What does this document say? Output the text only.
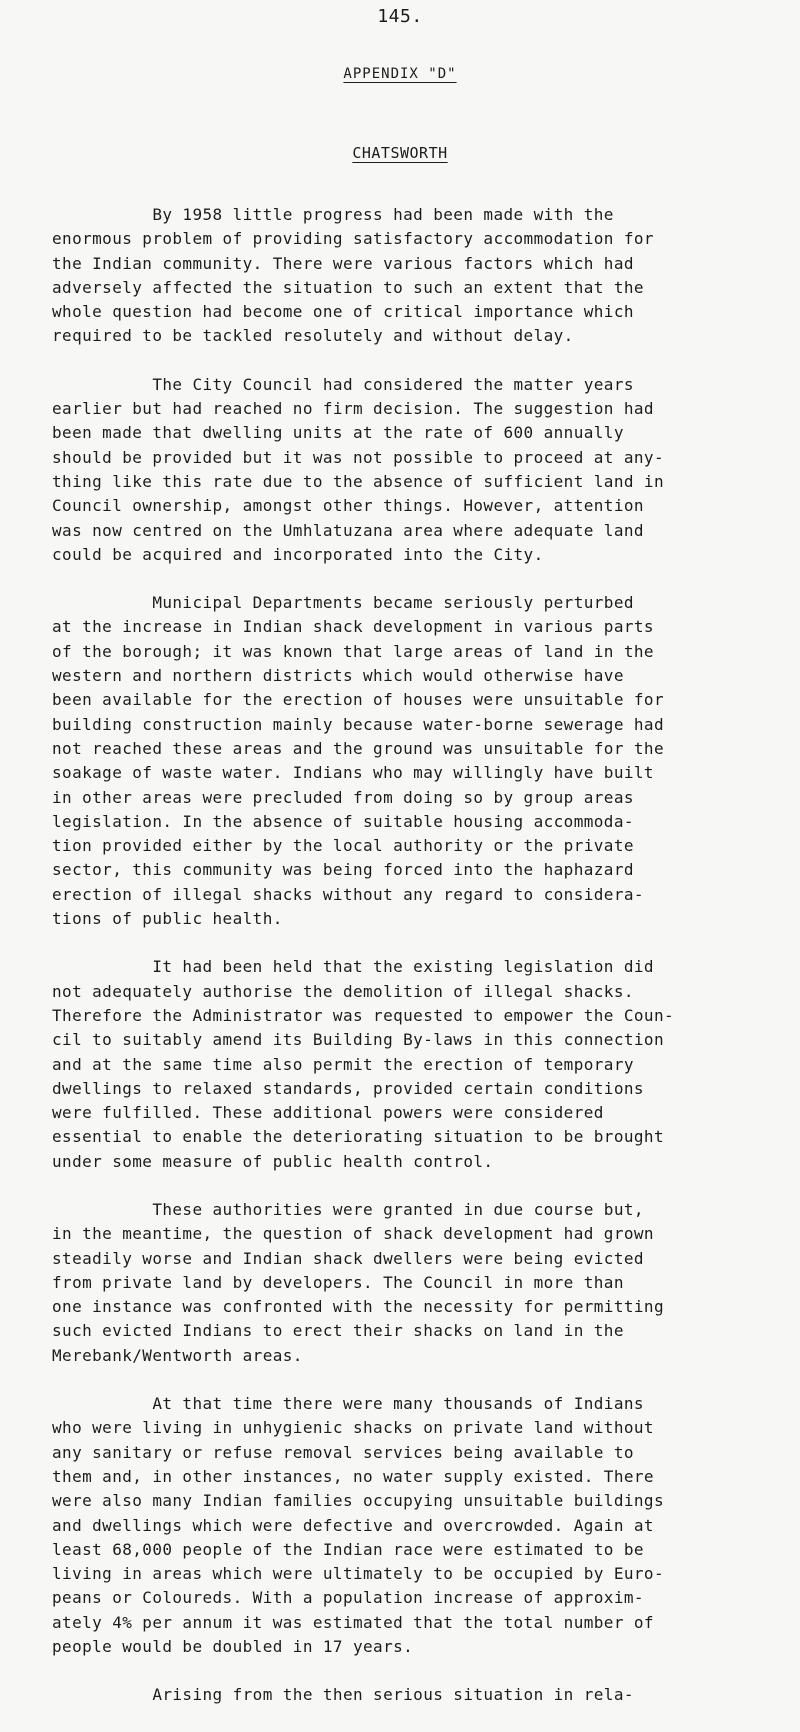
145.
APPENDIX "D"
CHATSWORTH
By 1958 little progress had been made with the
enormous problem of providing satisfactory accommodation for
the Indian community. There were various factors which had
adversely affected the situation to such an extent that the
whole question had become one of critical importance which
required to be tackled resolutely and without delay.
The City Council had considered the matter years
earlier but had reached no firm decision. The suggestion had
been made that dwelling units at the rate of 600 annually
should be provided but it was not possible to proceed at any-
thing like this rate due to the absence of sufficient land in
Council ownership, amongst other things. However, attention
was now centred on the Umhlatuzana area where adequate land
could be acquired and incorporated into the City.
Municipal Departments became seriously perturbed
at the increase in Indian shack development in various parts
of the borough; it was known that large areas of land in the
western and northern districts which would otherwise have
been available for the erection of houses were unsuitable for
building construction mainly because water-borne sewerage had
not reached these areas and the ground was unsuitable for the
soakage of waste water. Indians who may willingly have built
in other areas were precluded from doing so by group areas
legislation. In the absence of suitable housing accommoda-
tion provided either by the local authority or the private
sector, this community was being forced into the haphazard
erection of illegal shacks without any regard to considera-
tions of public health.
It had been held that the existing legislation did
not adequately authorise the demolition of illegal shacks.
Therefore the Administrator was requested to empower the Coun-
cil to suitably amend its Building By-laws in this connection
and at the same time also permit the erection of temporary
dwellings to relaxed standards, provided certain conditions
were fulfilled. These additional powers were considered
essential to enable the deteriorating situation to be brought
under some measure of public health control.
These authorities were granted in due course but,
in the meantime, the question of shack development had grown
steadily worse and Indian shack dwellers were being evicted
from private land by developers. The Council in more than
one instance was confronted with the necessity for permitting
such evicted Indians to erect their shacks on land in the
Merebank/Wentworth areas.
At that time there were many thousands of Indians
who were living in unhygienic shacks on private land without
any sanitary or refuse removal services being available to
them and, in other instances, no water supply existed. There
were also many Indian families occupying unsuitable buildings
and dwellings which were defective and overcrowded. Again at
least 68,000 people of the Indian race were estimated to be
living in areas which were ultimately to be occupied by Euro-
peans or Coloureds. With a population increase of approxim-
ately 4% per annum it was estimated that the total number of
people would be doubled in 17 years.
Arising from the then serious situation in rela-
